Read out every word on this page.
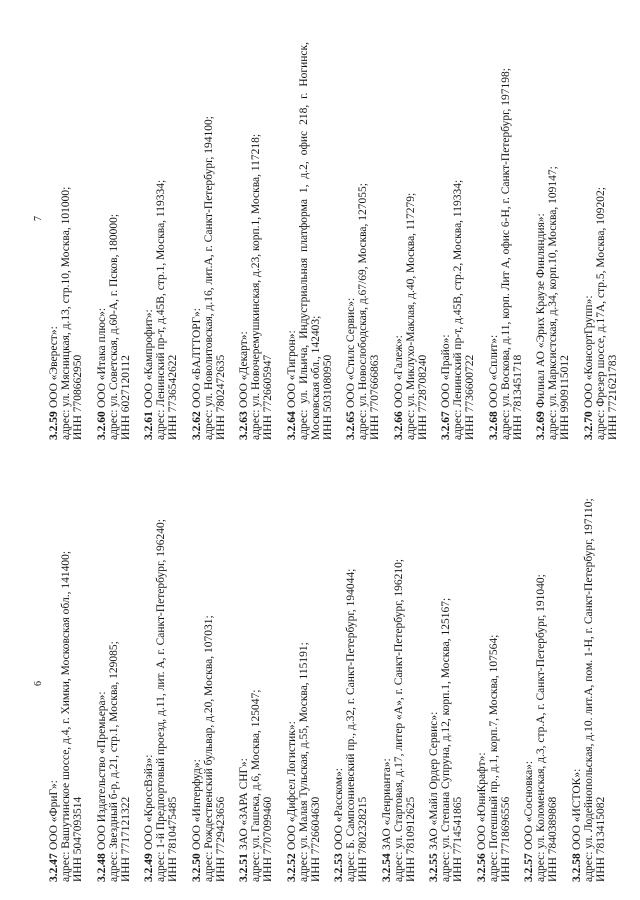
6
3.2.47ООО «ФриГ»: адрес: Вашутинское шоссе, д.4, г. Химки, Московская обл., 141400; ИНН 5047093514 3.2.48ООО Издательство «Премьера»: адрес: Звездный б-р, д.21, стр.1, Москва, 129085; ИНН 7717121322 3.2.49ООО «КроссВэйз»: адрес: 1-й Предпортовый проезд, д.11, лит. А, г. Санкт-Петербург, 196240; ИНН 7810475485 3.2.50ООО «Интерфуд»: адрес: Рождественский бульвар, д.20, Москва, 107031; ИНН 7729423656 3.2.51ЗАО «ЗАРА СНГ»: адрес: ул. Гашека, д.6, Москва, 125047; ИНН 7707099460 3.2.52ООО «Дифсел Логистик»: адрес: ул. Малая Тульская, д.55, Москва, 115191; ИНН 7726604630 3.2.53ООО «Расском»: адрес: Б. Сампсониевский пр., д.32, г. Санкт-Петербург, 194044; ИНН 7802328215 3.2.54ЗАО «Ленрианта»: адрес: ул. Стартовая, д.17, литер «А», г. Санкт-Петербург, 196210; ИНН 7810912625 3.2.55ЗАО «Майл Ордер Сервис»: адрес: ул. Степана Супруна, д.12, корп.1, Москва, 125167; ИНН 7714541865 3.2.56ООО «ЮниКрафт»: адрес: Потешный пр., д.1, корп.7, Москва, 107564; ИНН 7718696556 3.2.57ООО «Сосновка»: адрес: ул. Коломенская, д.3, стр.А, г. Санкт-Петербург, 191040; ИНН 7840389868 3.2.58ООО «ИСТОК»: адрес: ул. Лодейнопольская, д.10. лит.А, пом. 1-Н, г. Санкт-Петербург, 197110; ИНН 7813415082
7
3.2.59ООО «Эверест»: адрес: ул. Мясницкая, д.13, стр.10, Москва, 101000; ИНН 7708662950 3.2.60ООО «Итака плюс»: адрес: ул. Советская, д.60-А, г. Псков, 180000; ИНН 6027120112 3.2.61ООО «Кампрофит»: адрес: Ленинский пр-т, д.45В, стр.1, Москва, 119334; ИНН 7736542622 3.2.62ООО «БАЛТТОРГ»: адрес: ул. Новолитовская, д.16, лит.А, г. Санкт-Петербург, 194100; ИНН 7802472635 3.2.63ООО «Декарт»: адрес: ул. Новочеремушкинская, д.23, корп.1, Москва, 117218; ИНН 7726605947 3.2.64ООО «Тигрон»: адрес: ул. Ильича, Индустриальная платформа 1, д.2, офис 218, г. Ногинск, Московская обл., 142403; ИНН 5031080950 3.2.65ООО «Стилс Сервис»: адрес: ул. Новослободская, д.67/69, Москва, 127055; ИНН 7707666863 3.2.66ООО «Галеж»: адрес: ул. Миклухо-Маклая, д.40, Москва, 117279; ИНН 7728708240 3.2.67ООО «Прайо»: адрес: Ленинский пр-т, д.45В, стр.2, Москва, 119334; ИНН 7736600722 3.2.68ООО «Сплит»: адрес: ул. Воскова, д.11, корп. Лит А, офис 6-Н, г. Санкт-Петербург, 197198; ИНН 7813451718 3.2.69Филиал АО «Эрих Краузе Финляндия»: адрес: ул. Марксистская, д.34, корп.10, Москва, 109147; ИНН 9909115012 3.2.70ООО «КонсортГрупп»: адрес: Фрезер шоссе, д.17А, стр.5, Москва, 109202; ИНН 7721621783
